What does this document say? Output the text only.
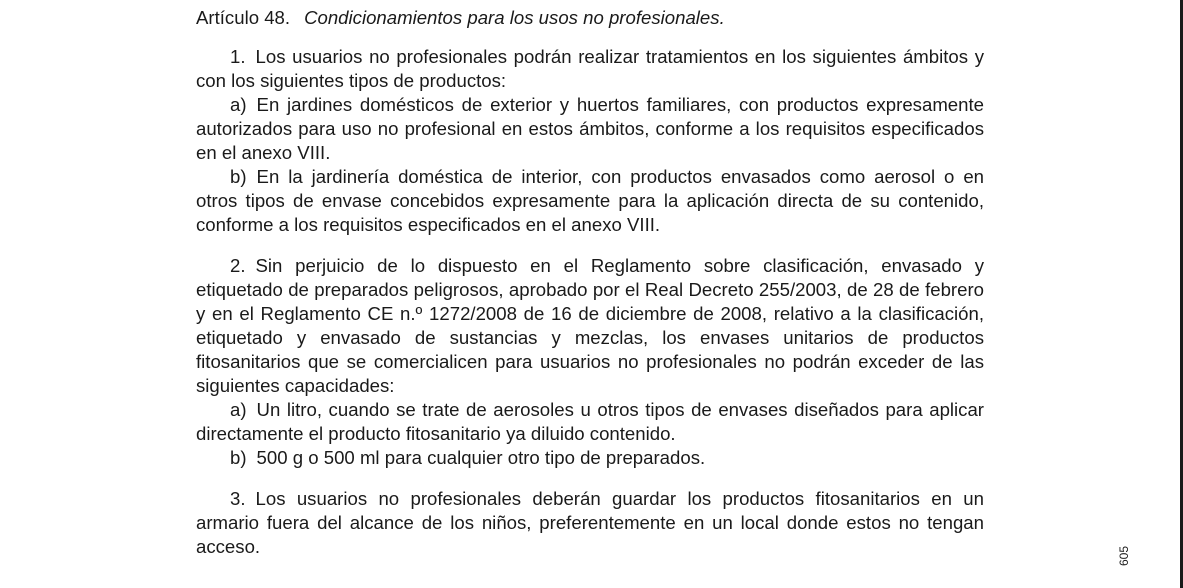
Artículo 48. Condicionamientos para los usos no profesionales.

1. Los usuarios no profesionales podrán realizar tratamientos en los siguientes ámbitos y con los siguientes tipos de productos:

a) En jardines domésticos de exterior y huertos familiares, con productos expresamente autorizados para uso no profesional en estos ámbitos, conforme a los requisitos especificados en el anexo VIII.

b) En la jardinería doméstica de interior, con productos envasados como aerosol o en otros tipos de envase concebidos expresamente para la aplicación directa de su contenido, conforme a los requisitos especificados en el anexo VIII.

2. Sin perjuicio de lo dispuesto en el Reglamento sobre clasificación, envasado y etiquetado de preparados peligrosos, aprobado por el Real Decreto 255/2003, de 28 de febrero y en el Reglamento CE n.º 1272/2008 de 16 de diciembre de 2008, relativo a la clasificación, etiquetado y envasado de sustancias y mezclas, los envases unitarios de productos fitosanitarios que se comercialicen para usuarios no profesionales no podrán exceder de las siguientes capacidades:

a) Un litro, cuando se trate de aerosoles u otros tipos de envases diseñados para aplicar directamente el producto fitosanitario ya diluido contenido.

b) 500 g o 500 ml para cualquier otro tipo de preparados.

3. Los usuarios no profesionales deberán guardar los productos fitosanitarios en un armario fuera del alcance de los niños, preferentemente en un local donde estos no tengan acceso.	605
